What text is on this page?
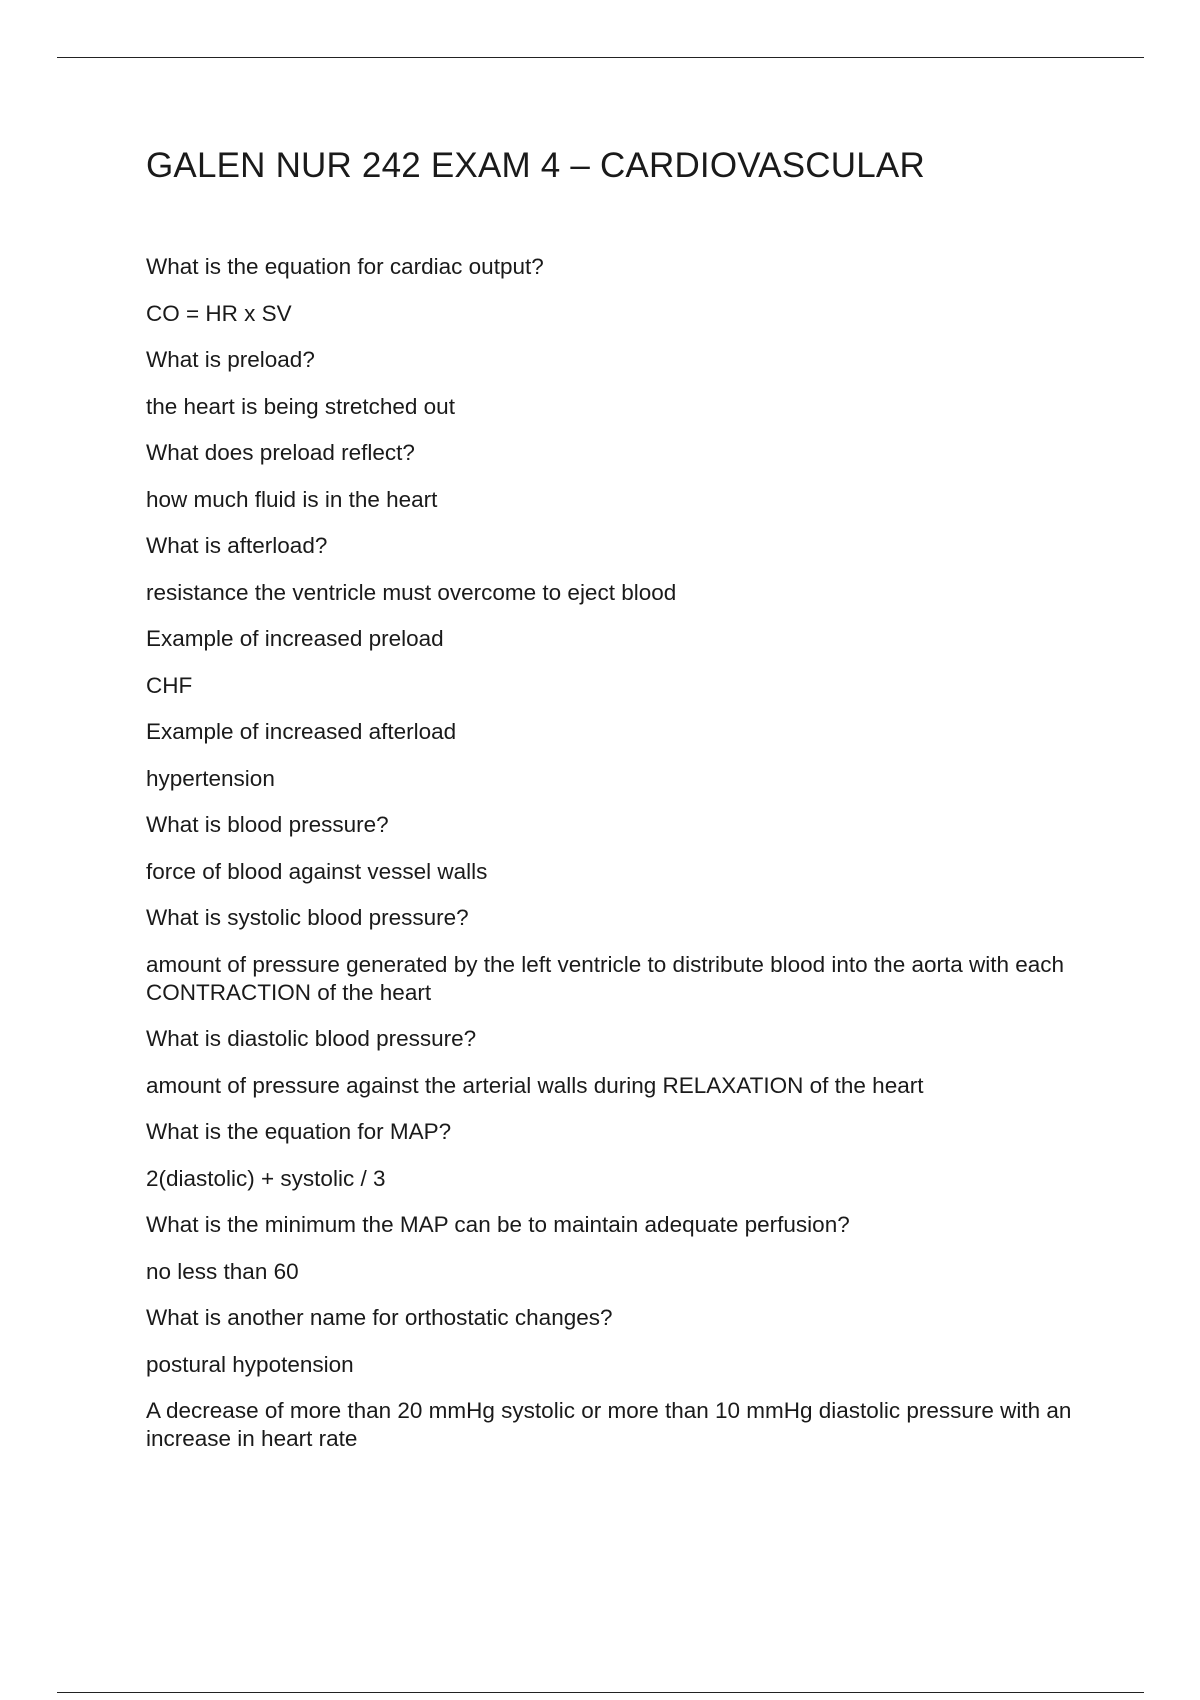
GALEN NUR 242 EXAM 4 – CARDIOVASCULAR

What is the equation for cardiac output?

CO = HR x SV

What is preload?

the heart is being stretched out

What does preload reflect?

how much fluid is in the heart

What is afterload?

resistance the ventricle must overcome to eject blood

Example of increased preload

CHF

Example of increased afterload

hypertension

What is blood pressure?

force of blood against vessel walls

What is systolic blood pressure?

amount of pressure generated by the left ventricle to distribute blood into the aorta with each CONTRACTION of the heart

What is diastolic blood pressure?

amount of pressure against the arterial walls during RELAXATION of the heart

What is the equation for MAP?

2(diastolic) + systolic / 3

What is the minimum the MAP can be to maintain adequate perfusion?

no less than 60

What is another name for orthostatic changes?

postural hypotension

A decrease of more than 20 mmHg systolic or more than 10 mmHg diastolic pressure with an increase in heart rate
